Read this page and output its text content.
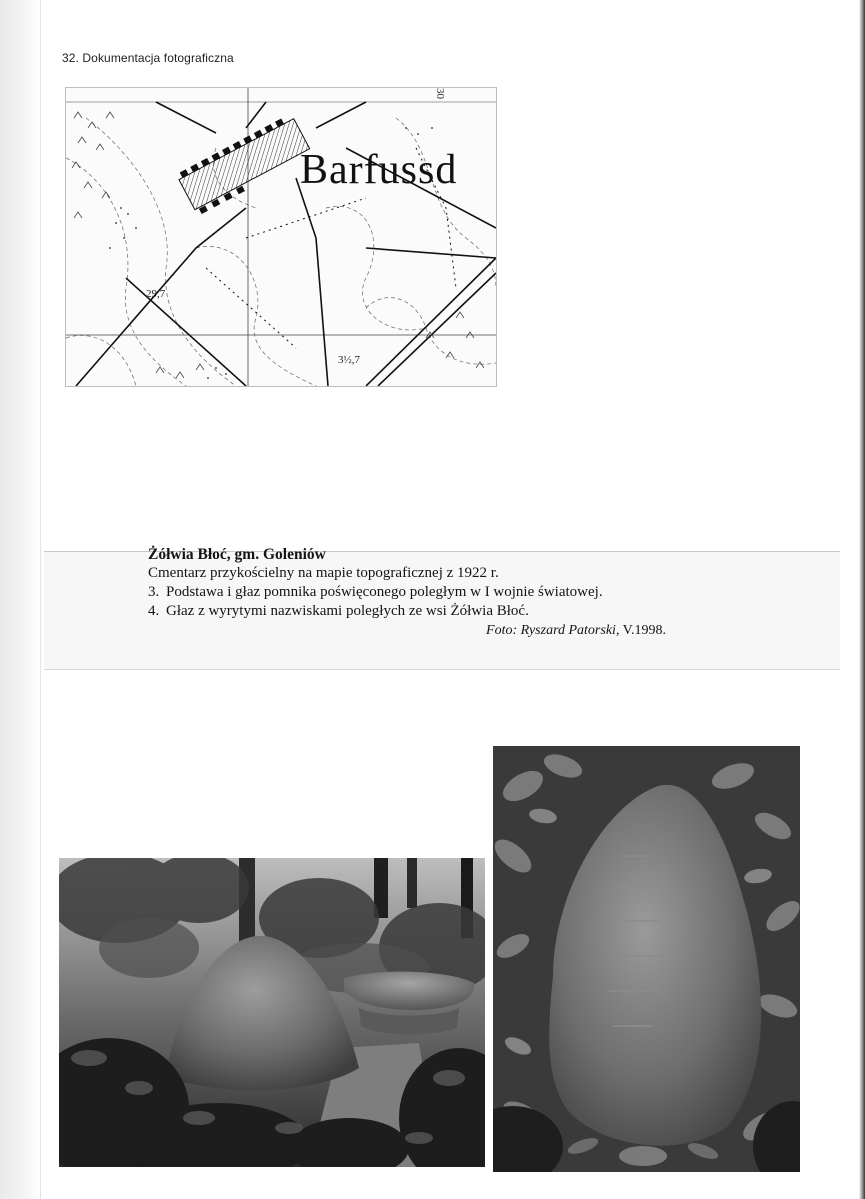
32. Dokumentacja fotograficzna
Barfussd
29,7
3½,7
30
Żółwia Błoć, gm. Goleniów
Cmentarz przykościelny na mapie topograficznej z 1922 r.
3. Podstawa i głaz pomnika poświęconego poległym w I wojnie światowej.
4. Głaz z wyrytymi nazwiskami poległych ze wsi Żółwia Błoć.
Foto: Ryszard Patorski, V.1998.
